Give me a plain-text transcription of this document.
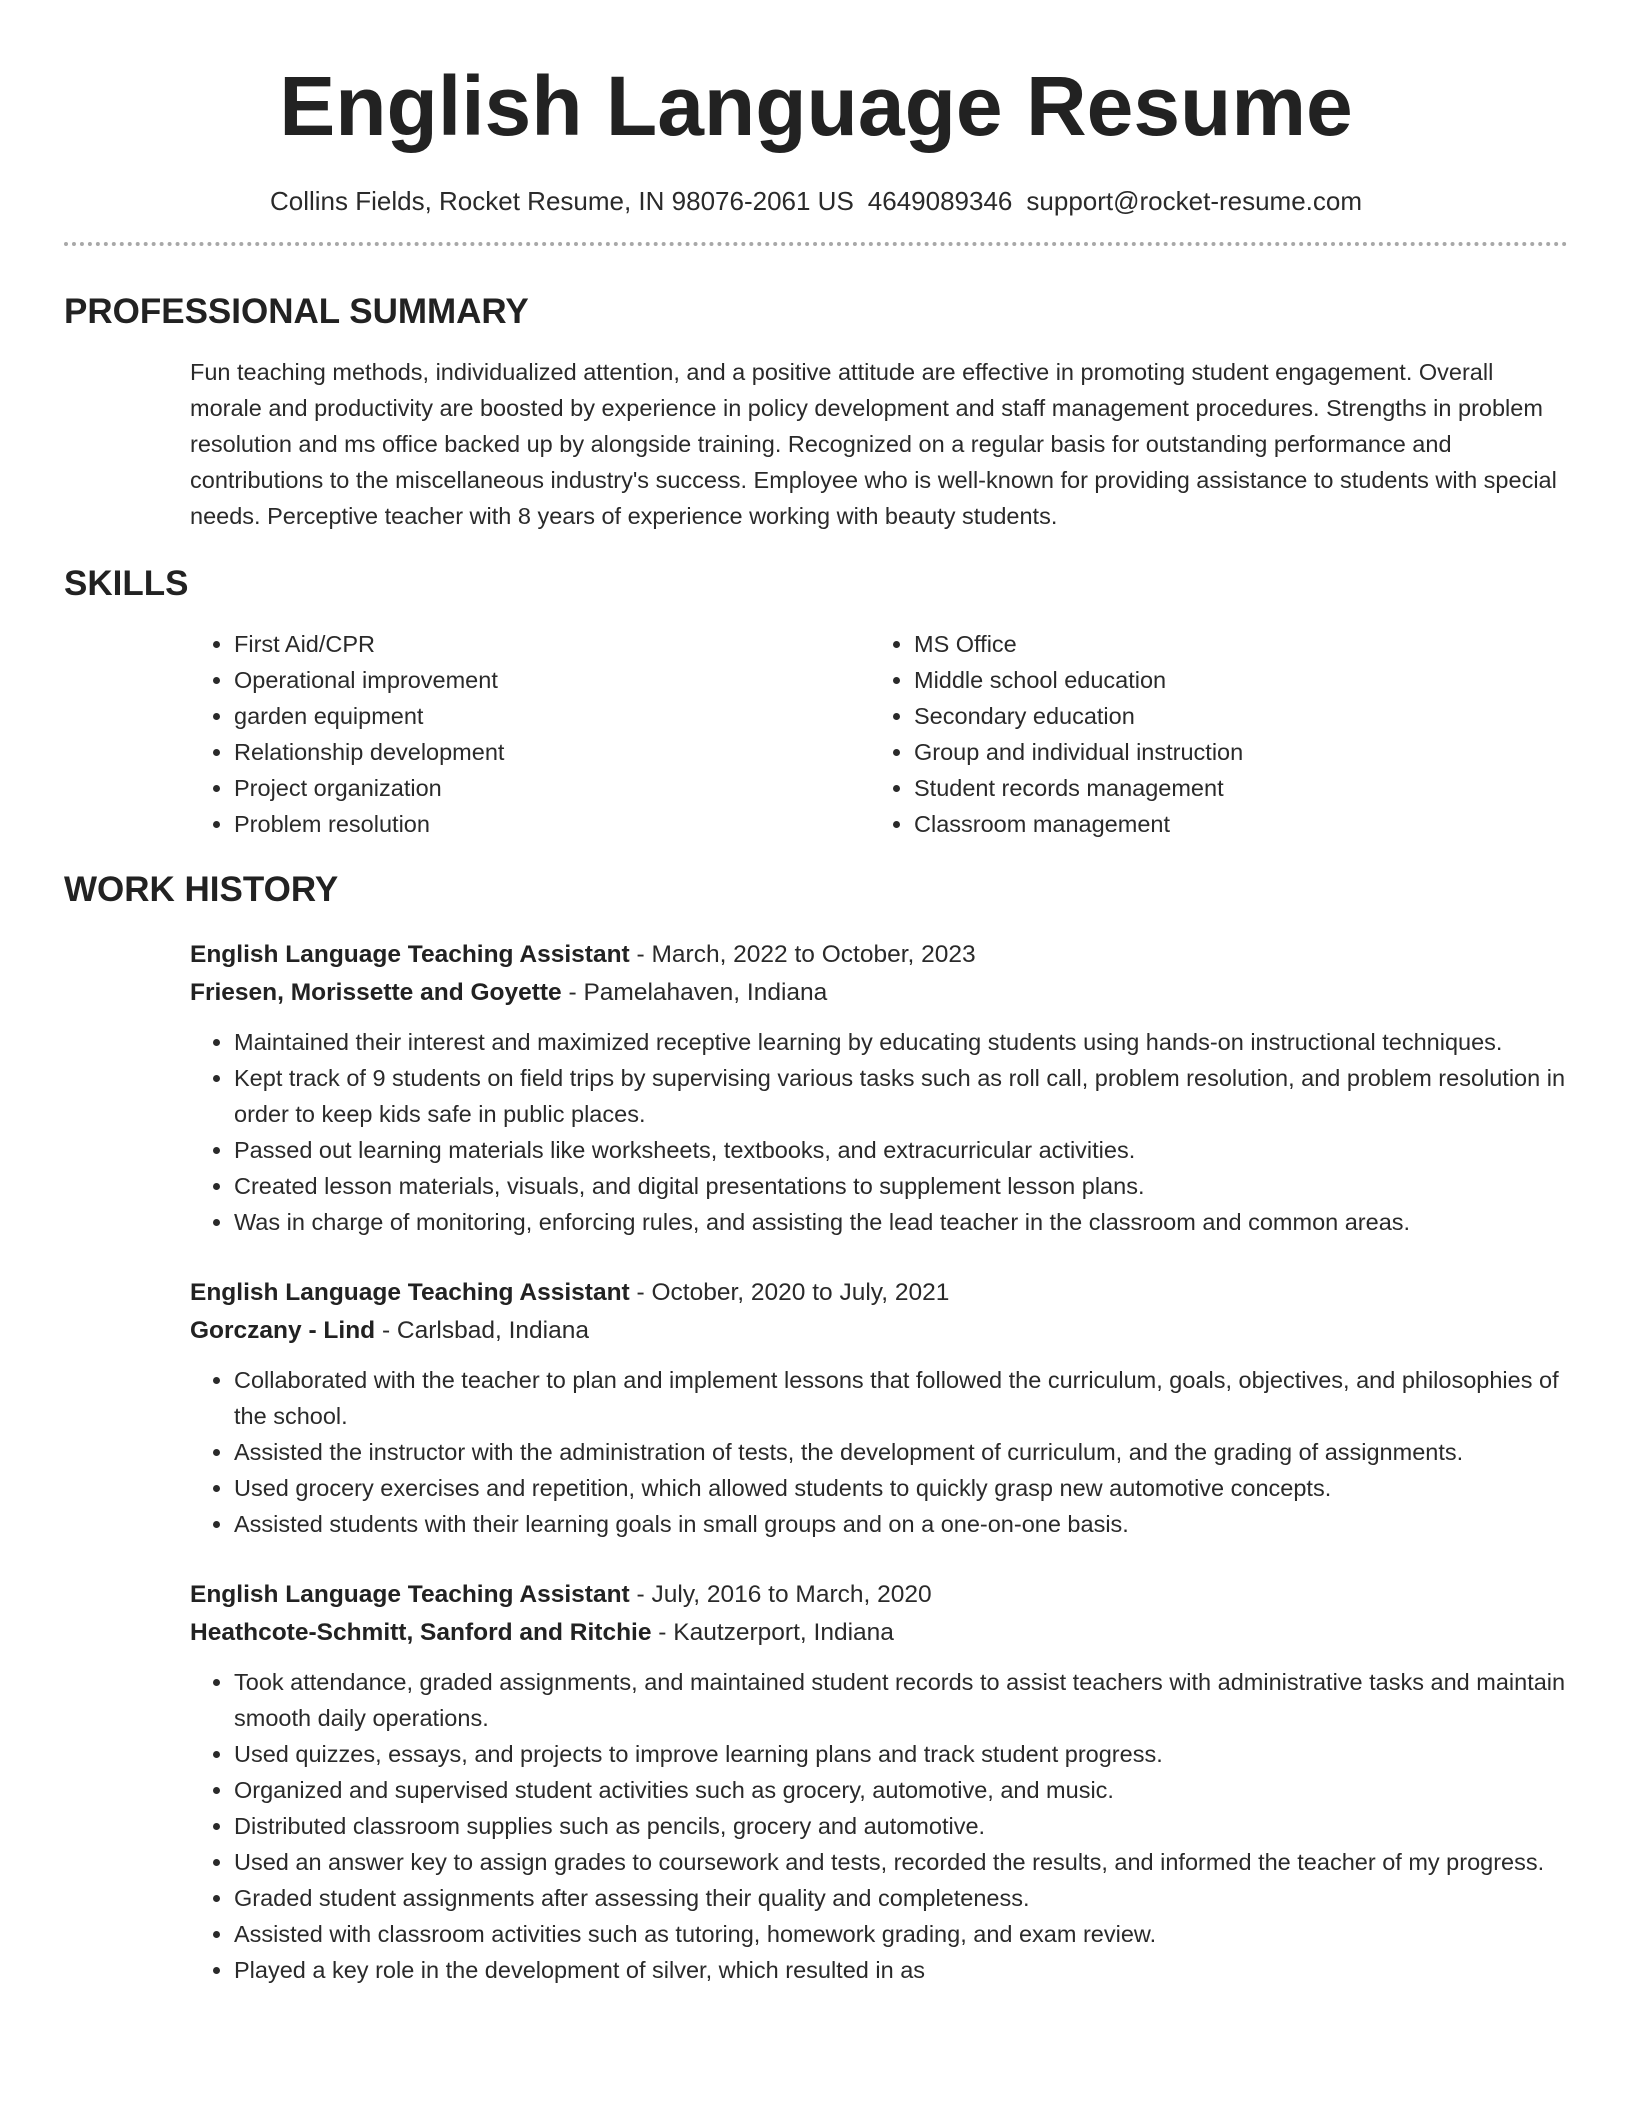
English Language Resume
Collins Fields, Rocket Resume, IN 98076-2061 US 4649089346 support@rocket-resume.com
PROFESSIONAL SUMMARY
Fun teaching methods, individualized attention, and a positive attitude are effective in promoting student engagement. Overall morale and productivity are boosted by experience in policy development and staff management procedures. Strengths in problem resolution and ms office backed up by alongside training. Recognized on a regular basis for outstanding performance and contributions to the miscellaneous industry's success. Employee who is well-known for providing assistance to students with special needs. Perceptive teacher with 8 years of experience working with beauty students.
SKILLS
• First Aid/CPR
• Operational improvement
• garden equipment
• Relationship development
• Project organization
• Problem resolution
• MS Office
• Middle school education
• Secondary education
• Group and individual instruction
• Student records management
• Classroom management
WORK HISTORY
English Language Teaching Assistant - March, 2022 to October, 2023
Friesen, Morissette and Goyette - Pamelahaven, Indiana
• Maintained their interest and maximized receptive learning by educating students using hands-on instructional techniques.
• Kept track of 9 students on field trips by supervising various tasks such as roll call, problem resolution, and problem resolution in order to keep kids safe in public places.
• Passed out learning materials like worksheets, textbooks, and extracurricular activities.
• Created lesson materials, visuals, and digital presentations to supplement lesson plans.
• Was in charge of monitoring, enforcing rules, and assisting the lead teacher in the classroom and common areas.
English Language Teaching Assistant - October, 2020 to July, 2021
Gorczany - Lind - Carlsbad, Indiana
• Collaborated with the teacher to plan and implement lessons that followed the curriculum, goals, objectives, and philosophies of the school.
• Assisted the instructor with the administration of tests, the development of curriculum, and the grading of assignments.
• Used grocery exercises and repetition, which allowed students to quickly grasp new automotive concepts.
• Assisted students with their learning goals in small groups and on a one-on-one basis.
English Language Teaching Assistant - July, 2016 to March, 2020
Heathcote-Schmitt, Sanford and Ritchie - Kautzerport, Indiana
• Took attendance, graded assignments, and maintained student records to assist teachers with administrative tasks and maintain smooth daily operations.
• Used quizzes, essays, and projects to improve learning plans and track student progress.
• Organized and supervised student activities such as grocery, automotive, and music.
• Distributed classroom supplies such as pencils, grocery and automotive.
• Used an answer key to assign grades to coursework and tests, recorded the results, and informed the teacher of my progress.
• Graded student assignments after assessing their quality and completeness.
• Assisted with classroom activities such as tutoring, homework grading, and exam review.
• Played a key role in the development of silver, which resulted in as
